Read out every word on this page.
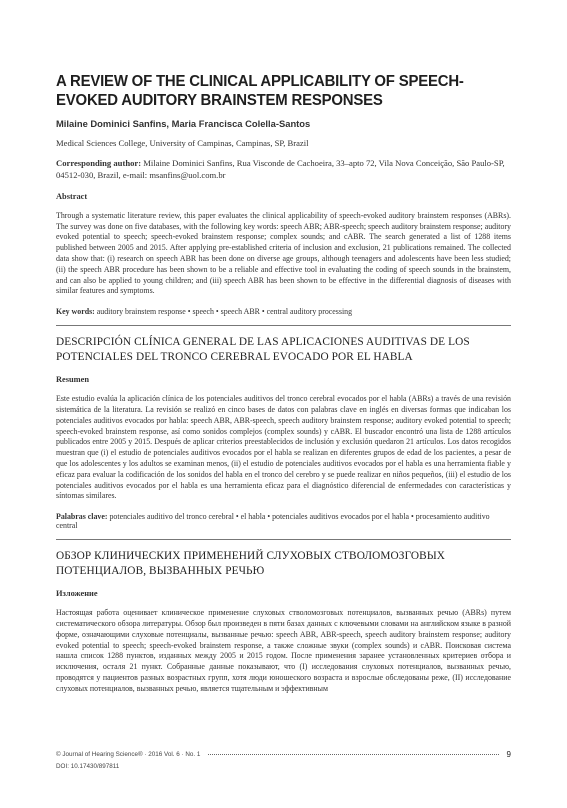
A REVIEW OF THE CLINICAL APPLICABILITY OF SPEECH-EVOKED AUDITORY BRAINSTEM RESPONSES
Milaine Dominici Sanfins, Maria Francisca Colella-Santos
Medical Sciences College, University of Campinas, Campinas, SP, Brazil
Corresponding author: Milaine Dominici Sanfins, Rua Visconde de Cachoeira, 33–apto 72, Vila Nova Conceição, São Paulo-SP, 04512-030, Brazil, e-mail: msanfins@uol.com.br
Abstract
Through a systematic literature review, this paper evaluates the clinical applicability of speech-evoked auditory brainstem responses (ABRs). The survey was done on five databases, with the following key words: speech ABR; ABR-speech; speech auditory brainstem response; auditory evoked potential to speech; speech-evoked brainstem response; complex sounds; and cABR. The search generated a list of 1288 items published between 2005 and 2015. After applying pre-established criteria of inclusion and exclusion, 21 publications remained. The collected data show that: (i) research on speech ABR has been done on diverse age groups, although teenagers and adolescents have been less studied; (ii) the speech ABR procedure has been shown to be a reliable and effective tool in evaluating the coding of speech sounds in the brainstem, and can also be applied to young children; and (iii) speech ABR has been shown to be effective in the differential diagnosis of diseases with similar features and symptoms.
Key words: auditory brainstem response • speech • speech ABR • central auditory processing
DESCRIPCIÓN CLÍNICA GENERAL DE LAS APLICACIONES AUDITIVAS DE LOS POTENCIALES DEL TRONCO CEREBRAL EVOCADO POR EL HABLA
Resumen
Este estudio evalúa la aplicación clínica de los potenciales auditivos del tronco cerebral evocados por el habla (ABRs) a través de una revisión sistemática de la literatura. La revisión se realizó en cinco bases de datos con palabras clave en inglés en diversas formas que indicaban los potenciales auditivos evocados por habla: speech ABR, ABR-speech, speech auditory brainstem response; auditory evoked potential to speech; speech-evoked brainstem response, así como sonidos complejos (complex sounds) y cABR. El buscador encontró una lista de 1288 artículos publicados entre 2005 y 2015. Después de aplicar criterios preestablecidos de inclusión y exclusión quedaron 21 artículos. Los datos recogidos muestran que (i) el estudio de potenciales auditivos evocados por el habla se realizan en diferentes grupos de edad de los pacientes, a pesar de que los adolescentes y los adultos se examinan menos, (ii) el estudio de potenciales auditivos evocados por el habla es una herramienta fiable y eficaz para evaluar la codificación de los sonidos del habla en el tronco del cerebro y se puede realizar en niños pequeños, (iii) el estudio de los potenciales auditivos evocados por el habla es una herramienta eficaz para el diagnóstico diferencial de enfermedades con características y síntomas similares.
Palabras clave: potenciales auditivo del tronco cerebral • el habla • potenciales auditivos evocados por el habla • procesamiento auditivo central
ОБЗОР КЛИНИЧЕСКИХ ПРИМЕНЕНИЙ СЛУХОВЫХ СТВОЛОМОЗГОВЫХ ПОТЕНЦИАЛОВ, ВЫЗВАННЫХ РЕЧЬЮ
Изложение
Настоящая работа оценивает клиническое применение слуховых стволомозговых потенциалов, вызванных речью (ABRs) путем систематического обзора литературы. Обзор был произведен в пяти базах данных с ключевыми словами на английском языке в разной форме, означающими слуховые потенциалы, вызванные речью: speech ABR, ABR-speech, speech auditory brainstem response; auditory evoked potential to speech; speech-evoked brainstem response, а также сложные звуки (complex sounds) и cABR. Поисковая система нашла список 1288 пунктов, изданных между 2005 и 2015 годом. После применения заранее установленных критериев отбора и исключения, осталя 21 пункт. Собранные данные показывают, что (I) исследования слуховых потенциалов, вызванных речью, проводятся у пациентов разных возрастных групп, хотя люди юношеского возраста и взрослые обследованы реже, (II) исследование слуховых потенциалов, вызванных речью, является тщательным и эффективным
© Journal of Hearing Science® · 2016 Vol. 6 · No. 1	9
DOI: 10.17430/897811
